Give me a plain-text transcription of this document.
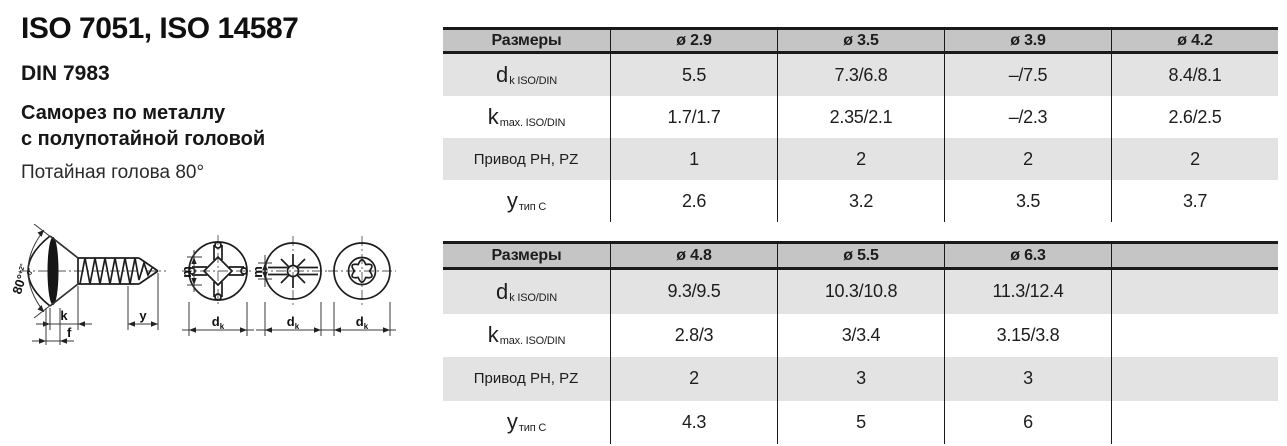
ISO 7051, ISO 14587
DIN 7983
Саморез по металлу
с полупотайной головой
Потайная голова 80°
80°$^{+2^\circ}$-0°
k
f
y
m
$d_k$
m
$d_k$	$d_k$
Размеры	ø 2.9	ø 3.5	ø 3.9	ø 4.2
d k ISO/DIN	5.5	7.3/6.8	–/7.5	8.4/8.1
k max. ISO/DIN	1.7/1.7	2.35/2.1	–/2.3	2.6/2.5
Привод PH, PZ	1	2	2	2
y тип C	2.6	3.2	3.5	3.7
Размеры	ø 4.8	ø 5.5	ø 6.3
d k ISO/DIN	9.3/9.5	10.3/10.8	11.3/12.4
k max. ISO/DIN	2.8/3	3/3.4	3.15/3.8
Привод PH, PZ	2	3	3
y тип C	4.3	5	6
